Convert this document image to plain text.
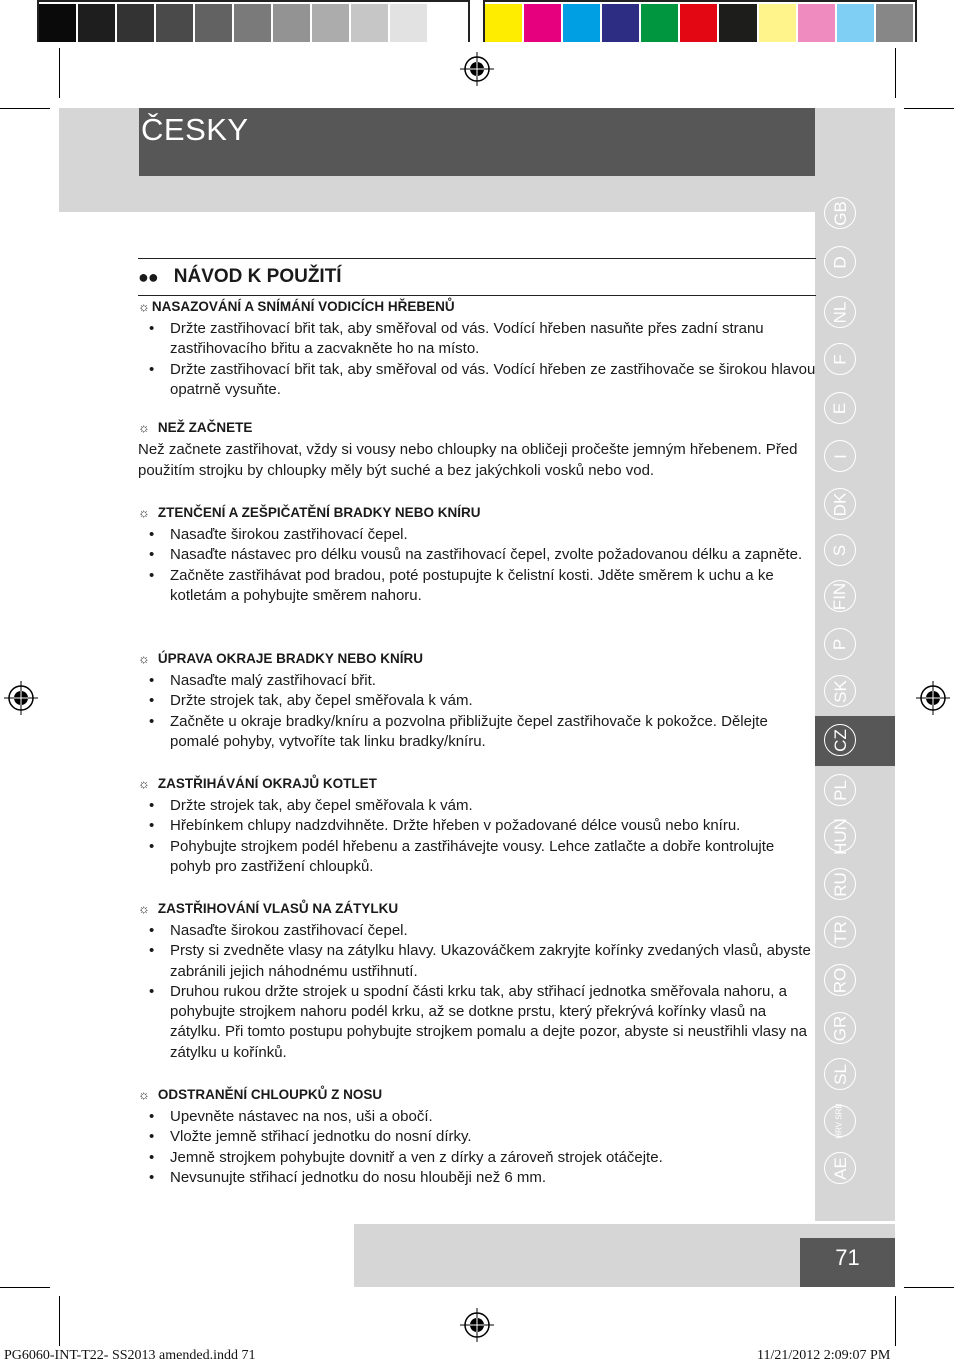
ČESKY
71
GB
D
NL
F
E
I
DK
S
FIN
P
SK
CZ
PL
HUN
RU
TR
RO
GR
SL
HRV SRB
AE
●● NÁVOD K POUŽITÍ
☼ NASAZOVÁNÍ A SNÍMÁNÍ VODICÍCH HŘEBENŮ
• Držte zastřihovací břit tak, aby směřoval od vás. Vodící hřeben nasuňte přes zadní stranu zastřihovacího břitu a zacvakněte ho na místo.
• Držte zastřihovací břit tak, aby směřoval od vás. Vodící hřeben ze zastřihovače se širokou hlavou opatrně vysuňte.
☼ NEŽ ZAČNETE

Než začnete zastřihovat, vždy si vousy nebo chloupky na obličeji pročešte jemným hřebenem. Před použitím strojku by chloupky měly být suché a bez jakýchkoli vosků nebo vod.

☼ ZTENČENÍ A ZEŠPIČATĚNÍ BRADKY NEBO KNÍRU
• Nasaďte širokou zastřihovací čepel.
• Nasaďte nástavec pro délku vousů na zastřihovací čepel, zvolte požadovanou délku a zapněte.
• Začněte zastřihávat pod bradou, poté postupujte k čelistní kosti. Jděte směrem k uchu a ke kotletám a pohybujte směrem nahoru.
☼ ÚPRAVA OKRAJE BRADKY NEBO KNÍRU
• Nasaďte malý zastřihovací břit.
• Držte strojek tak, aby čepel směřovala k vám.
• Začněte u okraje bradky/kníru a pozvolna přibližujte čepel zastřihovače k pokožce. Dělejte pomalé pohyby, vytvoříte tak linku bradky/kníru.
☼ ZASTŘIHÁVÁNÍ OKRAJŮ KOTLET
• Držte strojek tak, aby čepel směřovala k vám.
• Hřebínkem chlupy nadzdvihněte. Držte hřeben v požadované délce vousů nebo kníru.
• Pohybujte strojkem podél hřebenu a zastřihávejte vousy. Lehce zatlačte a dobře kontrolujte pohyb pro zastřižení chloupků.
☼ ZASTŘIHOVÁNÍ VLASŮ NA ZÁTYLKU
• Nasaďte širokou zastřihovací čepel.
• Prsty si zvedněte vlasy na zátylku hlavy. Ukazováčkem zakryjte kořínky zvedaných vlasů, abyste zabránili jejich náhodnému ustřihnutí.
• Druhou rukou držte strojek u spodní části krku tak, aby střihací jednotka směřovala nahoru, a pohybujte strojkem nahoru podél krku, až se dotkne prstu, který překrývá kořínky vlasů na zátylku. Při tomto postupu pohybujte strojkem pomalu a dejte pozor, abyste si neustřihli vlasy na zátylku u kořínků.
☼ ODSTRANĚNÍ CHLOUPKŮ Z NOSU
• Upevněte nástavec na nos, uši a obočí.
• Vložte jemně střihací jednotku do nosní dírky.
• Jemně strojkem pohybujte dovnitř a ven z dírky a zároveň strojek otáčejte.
• Nevsunujte střihací jednotku do nosu hlouběji než 6 mm.
PG6060-INT-T22- SS2013 amended.indd 71	11/21/2012 2:09:07 PM
